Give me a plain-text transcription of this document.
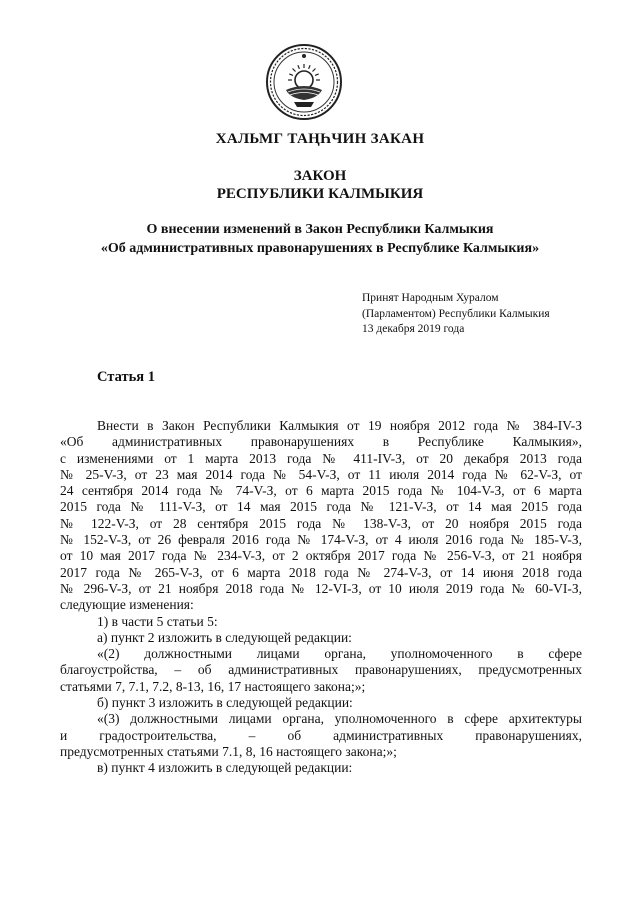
ХАЛЬМГ ТАҢҺЧИН ЗАКАН
ЗАКОН
РЕСПУБЛИКИ КАЛМЫКИЯ
О внесении изменений в Закон Республики Калмыкия
«Об административных правонарушениях в Республике Калмыкия»
Принят Народным Хуралом
(Парламентом) Республики Калмыкия
13 декабря 2019 года
Статья 1

Внести в Закон Республики Калмыкия от 19 ноября 2012 года № 384-IV-З

«Об административных правонарушениях в Республике Калмыкия»,

с изменениями от 1 марта 2013 года № 411-IV-З, от 20 декабря 2013 года

№ 25-V-З, от 23 мая 2014 года № 54-V-З, от 11 июля 2014 года № 62-V-З, от

24 сентября 2014 года № 74-V-З, от 6 марта 2015 года № 104-V-З, от 6 марта

2015 года № 111-V-З, от 14 мая 2015 года № 121-V-З, от 14 мая 2015 года

№ 122-V-З, от 28 сентября 2015 года № 138-V-З, от 20 ноября 2015 года

№ 152-V-З, от 26 февраля 2016 года № 174-V-З, от 4 июля 2016 года № 185-V-З,

от 10 мая 2017 года № 234-V-З, от 2 октября 2017 года № 256-V-З, от 21 ноября

2017 года № 265-V-З, от 6 марта 2018 года № 274-V-З, от 14 июня 2018 года

№ 296-V-З, от 21 ноября 2018 года № 12-VI-З, от 10 июля 2019 года № 60-VI-З,

следующие изменения:

1) в части 5 статьи 5:

а) пункт 2 изложить в следующей редакции:

«(2) должностными лицами органа, уполномоченного в сфере

благоустройства, – об административных правонарушениях, предусмотренных

статьями 7, 7.1, 7.2, 8-13, 16, 17 настоящего закона;»;

б) пункт 3 изложить в следующей редакции:

«(3) должностными лицами органа, уполномоченного в сфере архитектуры

и градостроительства, – об административных правонарушениях,

предусмотренных статьями 7.1, 8, 16 настоящего закона;»;

в) пункт 4 изложить в следующей редакции:
